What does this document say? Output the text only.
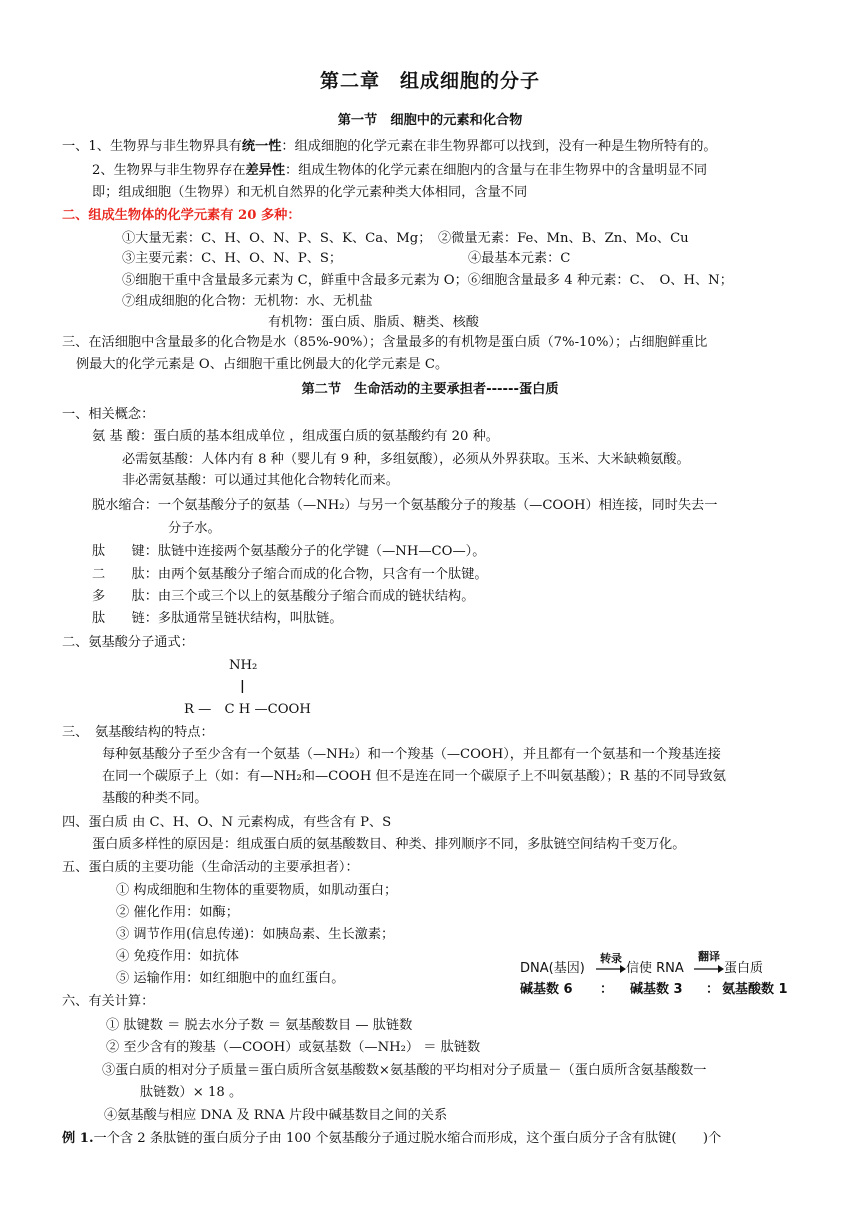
第二章　组成细胞的分子
第一节　细胞中的元素和化合物
一、1、生物界与非生物界具有统一性：组成细胞的化学元素在非生物界都可以找到，没有一种是生物所特有的。
2、生物界与非生物界存在差异性：组成生物体的化学元素在细胞内的含量与在非生物界中的含量明显不同
即；组成细胞（生物界）和无机自然界的化学元素种类大体相同，含量不同
二、组成生物体的化学元素有 20 多种：
①大量无素：C、H、O、N、P、S、K、Ca、Mg；　②微量无素：Fe、Mn、B、Zn、Mo、Cu
③主要元素：C、H、O、N、P、S；	④最基本元素：C
⑤细胞干重中含量最多元素为 C，鲜重中含最多元素为 O；⑥细胞含量最多 4 种元素：C、　O、H、N；
⑦组成细胞的化合物：无机物：水、无机盐
有机物：蛋白质、脂质、糖类、核酸
三、在活细胞中含量最多的化合物是水（85%-90%）；含量最多的有机物是蛋白质（7%-10%）；占细胞鲜重比
例最大的化学元素是 O、占细胞干重比例最大的化学元素是 C。
第二节　生命活动的主要承担者------蛋白质
一、相关概念：
氨 基 酸：蛋白质的基本组成单位 ，组成蛋白质的氨基酸约有 20 种。
必需氨基酸：人体内有 8 种（婴儿有 9 种，多组氨酸），必须从外界获取。玉米、大米缺赖氨酸。
非必需氨基酸：可以通过其他化合物转化而来。
脱水缩合：一个氨基酸分子的氨基（—NH₂）与另一个氨基酸分子的羧基（—COOH）相连接，同时失去一
分子水。
肽　　键：肽链中连接两个氨基酸分子的化学键（—NH—CO—）。
二　　肽：由两个氨基酸分子缩合而成的化合物，只含有一个肽键。
多　　肽：由三个或三个以上的氨基酸分子缩合而成的链状结构。
肽　　链：多肽通常呈链状结构，叫肽链。
二、氨基酸分子通式：
NH₂
|
R —　C H —COOH
三、　氨基酸结构的特点：
每种氨基酸分子至少含有一个氨基（—NH₂）和一个羧基（—COOH），并且都有一个氨基和一个羧基连接
在同一个碳原子上（如：有—NH₂和—COOH 但不是连在同一个碳原子上不叫氨基酸）；R 基的不同导致氨
基酸的种类不同。
四、蛋白质 由 C、H、O、N 元素构成，有些含有 P、S
蛋白质多样性的原因是：组成蛋白质的氨基酸数目、种类、排列顺序不同，多肽链空间结构千变万化。
五、蛋白质的主要功能（生命活动的主要承担者）：
① 构成细胞和生物体的重要物质，如肌动蛋白；
② 催化作用：如酶；
③ 调节作用(信息传递)：如胰岛素、生长激素；
④ 免疫作用：如抗体
⑤ 运输作用：如红细胞中的血红蛋白。
DNA(基因)
转录
信使 RNA
翻译
蛋白质
碱基数 6 ： 碱基数 3 ： 氨基酸数 1
六、有关计算：
① 肽键数 ＝ 脱去水分子数 ＝ 氨基酸数目 — 肽链数
② 至少含有的羧基（—COOH）或氨基数（—NH₂） ＝ 肽链数
③蛋白质的相对分子质量＝蛋白质所含氨基酸数×氨基酸的平均相对分子质量－（蛋白质所含氨基酸数一
肽链数）× 18 。
④氨基酸与相应 DNA 及 RNA 片段中碱基数目之间的关系
例 1.一个含 2 条肽链的蛋白质分子由 100 个氨基酸分子通过脱水缩合而形成，这个蛋白质分子含有肽键(　　)个
